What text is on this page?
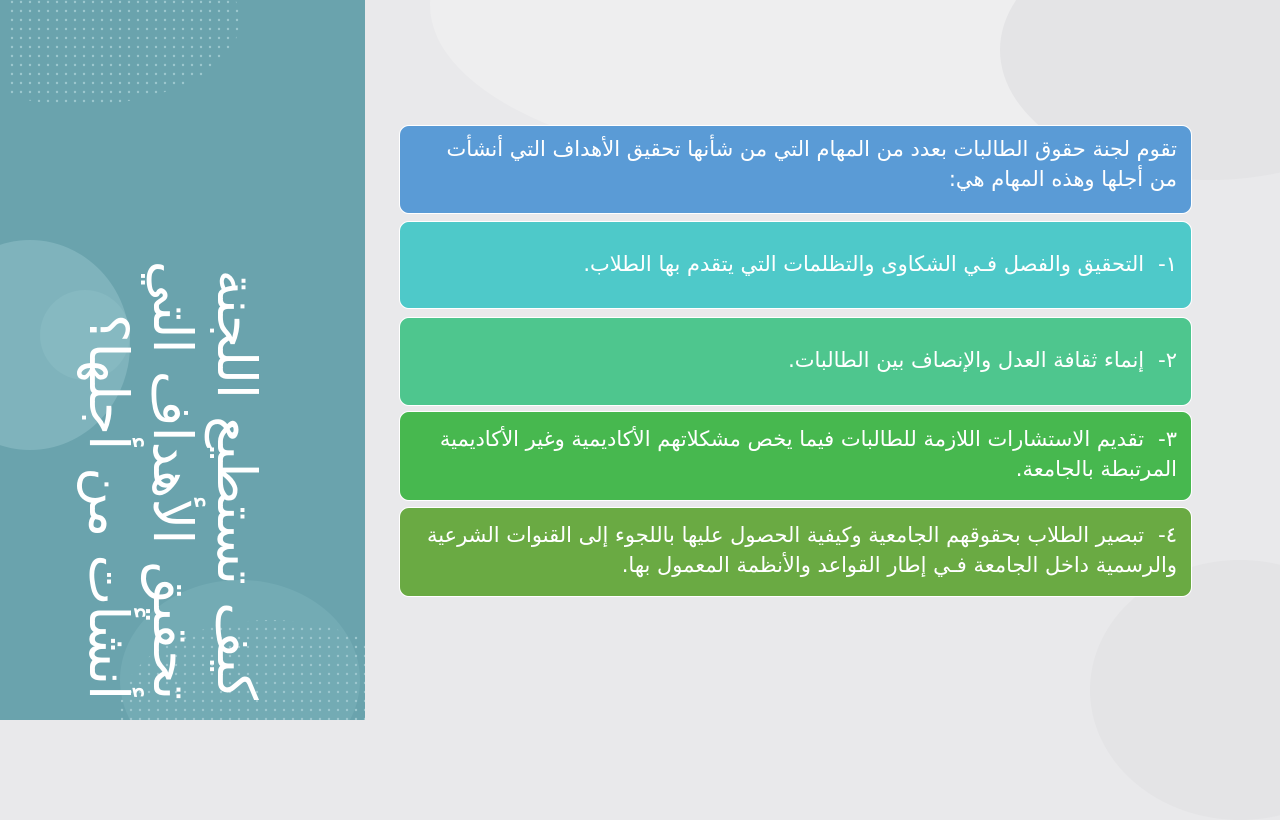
كيف تستطيع اللجنة تحقيق الأهداف التي أنشأت من أجلها؟
تقوم لجنة حقوق الطالبات بعدد من المهام التي من شأنها تحقيق الأهداف التي أنشأت من أجلها وهذه المهام هي:
١-التحقيق والفصل فـي الشكاوى والتظلمات التي يتقدم بها الطلاب.
٢-إنماء ثقافة العدل والإنصاف بين الطالبات.
٣-تقديم الاستشارات اللازمة للطالبات فيما يخص مشكلاتهم الأكاديمية وغير الأكاديمية المرتبطة بالجامعة.
٤-تبصير الطلاب بحقوقهم الجامعية وكيفية الحصول عليها باللجوء إلى القنوات الشرعية والرسمية داخل الجامعة فـي إطار القواعد والأنظمة المعمول بها.
